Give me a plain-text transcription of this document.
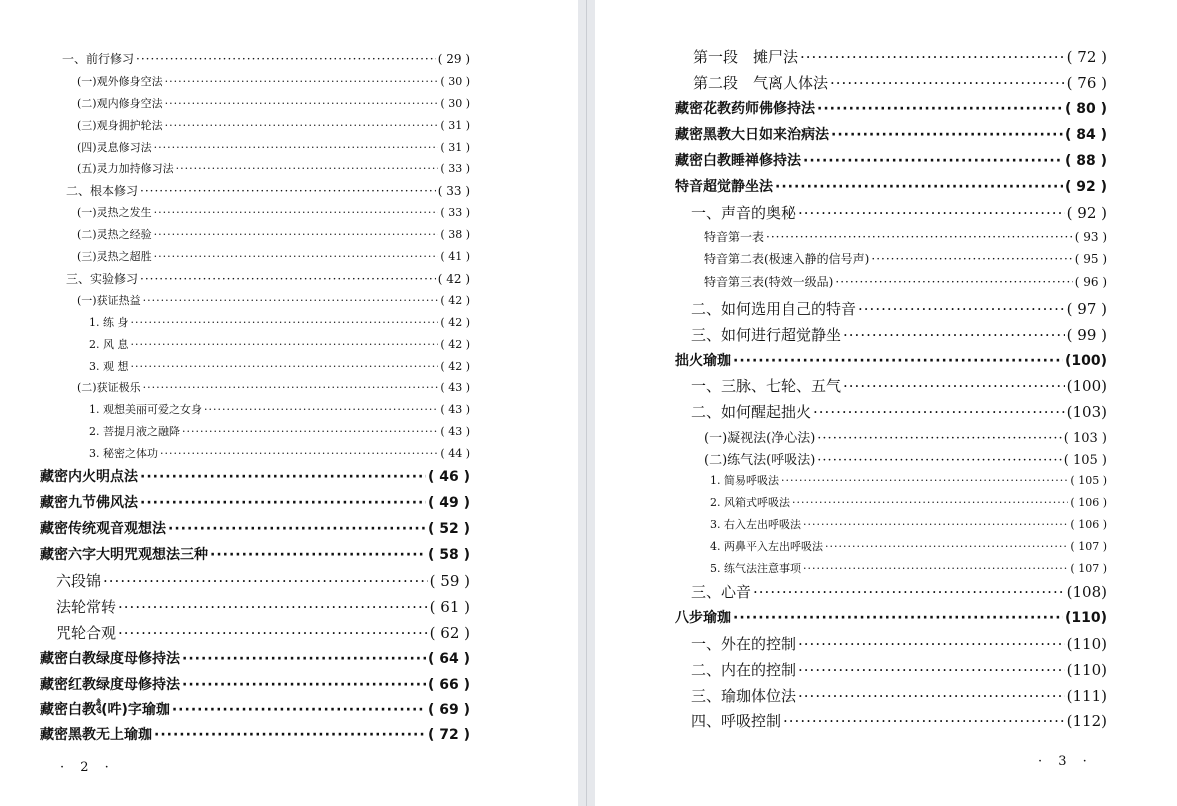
一、前行修习 ·····	( 29 )
(一)观外修身空法 ·····	( 30 )
(二)观内修身空法 ·····	( 30 )
(三)观身拥护轮法 ·····	( 31 )
(四)灵息修习法 ·····	( 31 )
(五)灵力加持修习法 ·····	( 33 )
二、根本修习 ·····	( 33 )
(一)灵热之发生 ·····	( 33 )
(二)灵热之经验 ·····	( 38 )
(三)灵热之超胜 ·····	( 41 )
三、实验修习 ·····	( 42 )
(一)获证热益 ·····	( 42 )
1. 练 身 ·····	( 42 )
2. 风 息 ·····	( 42 )
3. 观 想 ·····	( 42 )
(二)获证极乐 ·····	( 43 )
1. 观想美丽可爱之女身 ·····	( 43 )
2. 菩提月液之融降 ·····	( 43 )
3. 秘密之体功 ·····	( 44 )
藏密内火明点法 ·····	( 46 )
藏密九节佛风法 ·····	( 49 )
藏密传统观音观想法 ·····	( 52 )
藏密六字大明咒观想法三种 ·····	( 58 )
六段锦 ·····	( 59 )
法轮常转 ·····	( 61 )
咒轮合观 ·····	( 62 )
藏密白教绿度母修持法 ·····	( 64 )
藏密红教绿度母修持法 ·····	( 66 )
藏密白教$^{ཧཱུྃ}$(吽)字瑜珈 ·····	( 69 )
藏密黑教无上瑜珈 ·····	( 72 )
· 2 ·
第一段　摊尸法 ·····	( 72 )
第二段　气离人体法 ·····	( 76 )
藏密花教药师佛修持法 ·····	( 80 )
藏密黑教大日如来治病法 ·····	( 84 )
藏密白教睡禅修持法 ·····	( 88 )
特音超觉静坐法 ·····	( 92 )
一、声音的奥秘 ·····	( 92 )
特音第一表 ·····	( 93 )
特音第二表(极速入静的信号声) ·····	( 95 )
特音第三表(特效一级品) ·····	( 96 )
二、如何选用自己的特音 ·····	( 97 )
三、如何进行超觉静坐 ·····	( 99 )
拙火瑜珈 ·····	(100)
一、三脉、七轮、五气 ·····	(100)
二、如何醒起拙火 ·····	(103)
(一)凝视法(净心法) ·····	( 103 )
(二)练气法(呼吸法) ·····	( 105 )
1. 简易呼吸法 ·····	( 105 )
2. 风箱式呼吸法 ·····	( 106 )
3. 右入左出呼吸法 ·····	( 106 )
4. 两鼻平入左出呼吸法 ·····	( 107 )
5. 练气法注意事项 ·····	( 107 )
三、心音 ·····	(108)
八步瑜珈 ·····	(110)
一、外在的控制 ·····	(110)
二、内在的控制 ·····	(110)
三、瑜珈体位法 ·····	(111)
四、呼吸控制 ·····	(112)
· 3 ·
